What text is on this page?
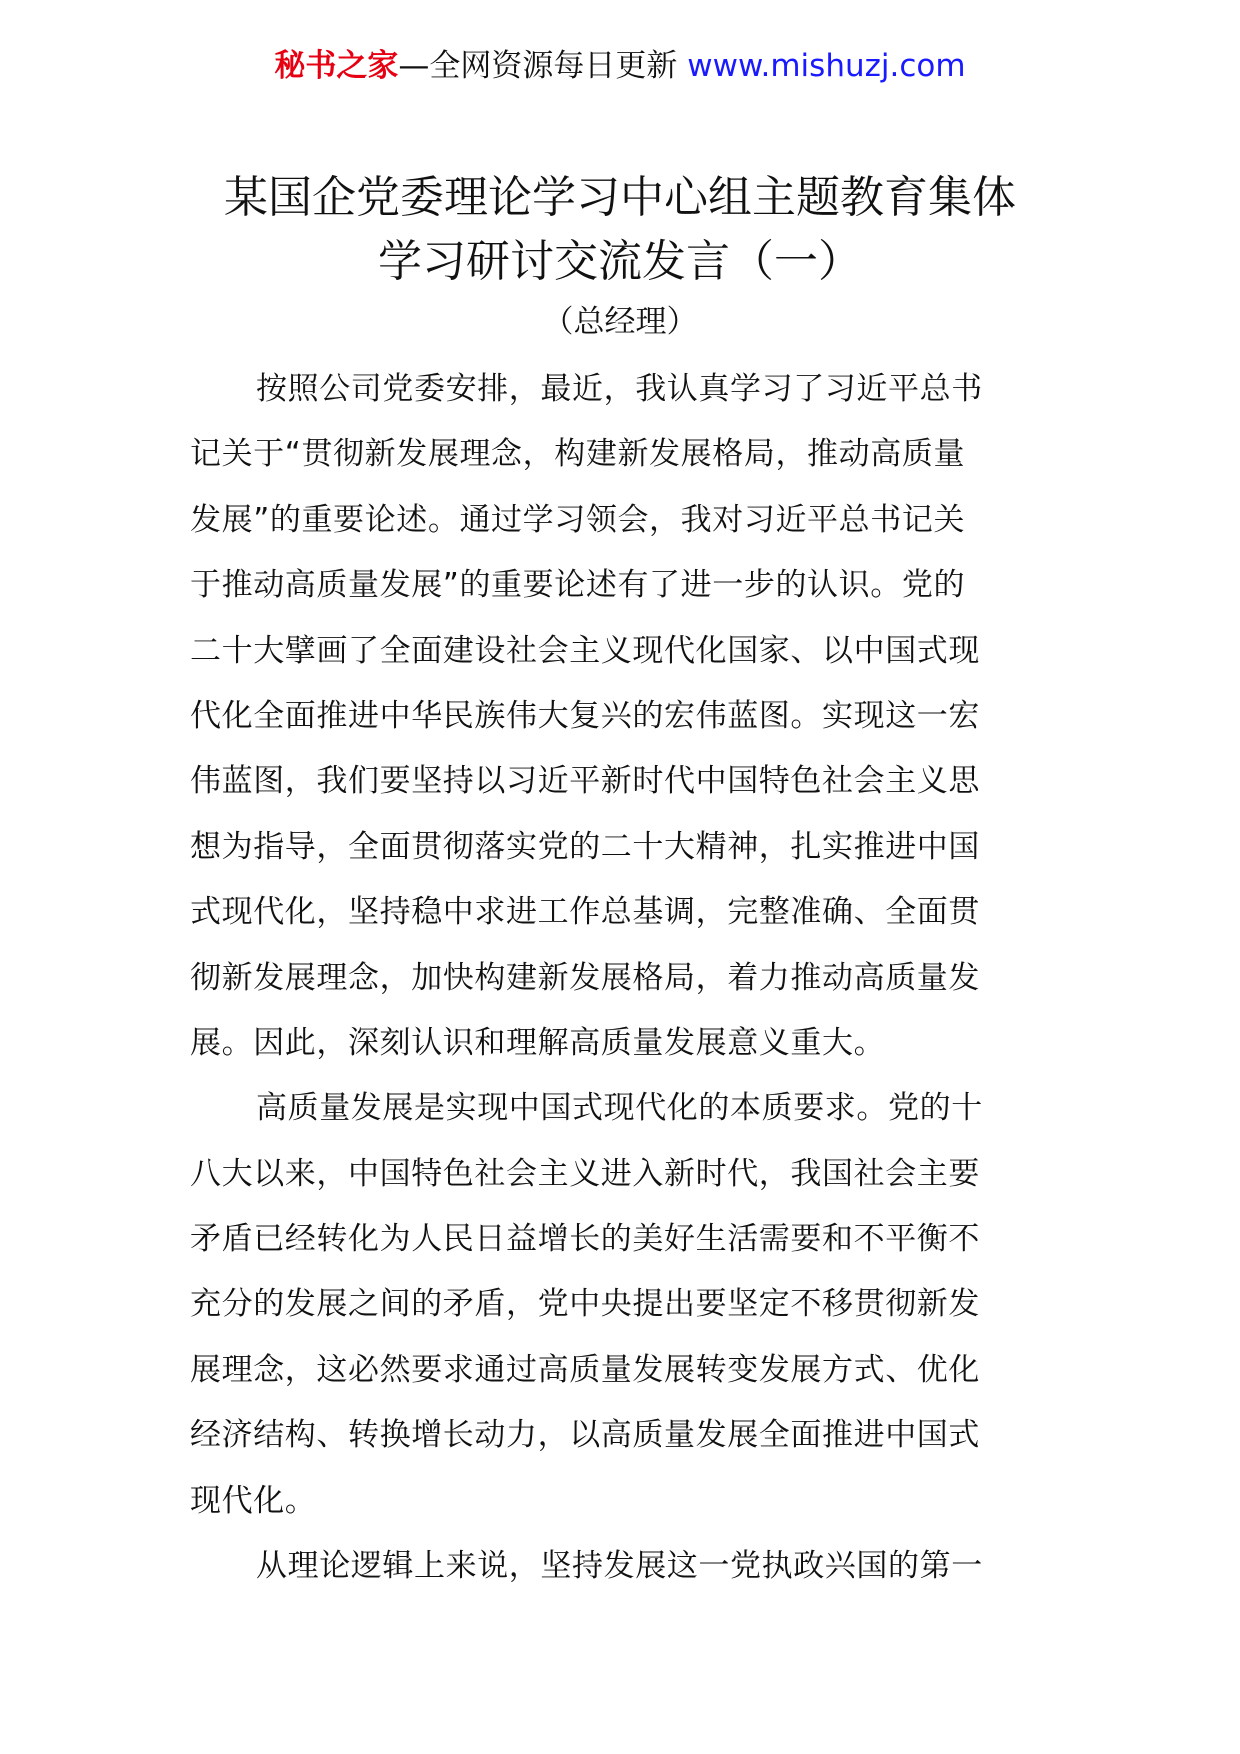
秘书之家—全网资源每日更新 www.mishuzj.com
某国企党委理论学习中心组主题教育集体
学习研讨交流发言（一）
（总经理）
按照公司党委安排，最近，我认真学习了习近平总书
记关于“贯彻新发展理念，构建新发展格局，推动高质量
发展”的重要论述。通过学习领会，我对习近平总书记关
于推动高质量发展”的重要论述有了进一步的认识。党的
二十大擘画了全面建设社会主义现代化国家、以中国式现
代化全面推进中华民族伟大复兴的宏伟蓝图。实现这一宏
伟蓝图，我们要坚持以习近平新时代中国特色社会主义思
想为指导，全面贯彻落实党的二十大精神，扎实推进中国
式现代化，坚持稳中求进工作总基调，完整准确、全面贯
彻新发展理念，加快构建新发展格局，着力推动高质量发
展。因此，深刻认识和理解高质量发展意义重大。
高质量发展是实现中国式现代化的本质要求。党的十
八大以来，中国特色社会主义进入新时代，我国社会主要
矛盾已经转化为人民日益增长的美好生活需要和不平衡不
充分的发展之间的矛盾，党中央提出要坚定不移贯彻新发
展理念，这必然要求通过高质量发展转变发展方式、优化
经济结构、转换增长动力，以高质量发展全面推进中国式
现代化。
从理论逻辑上来说，坚持发展这一党执政兴国的第一
